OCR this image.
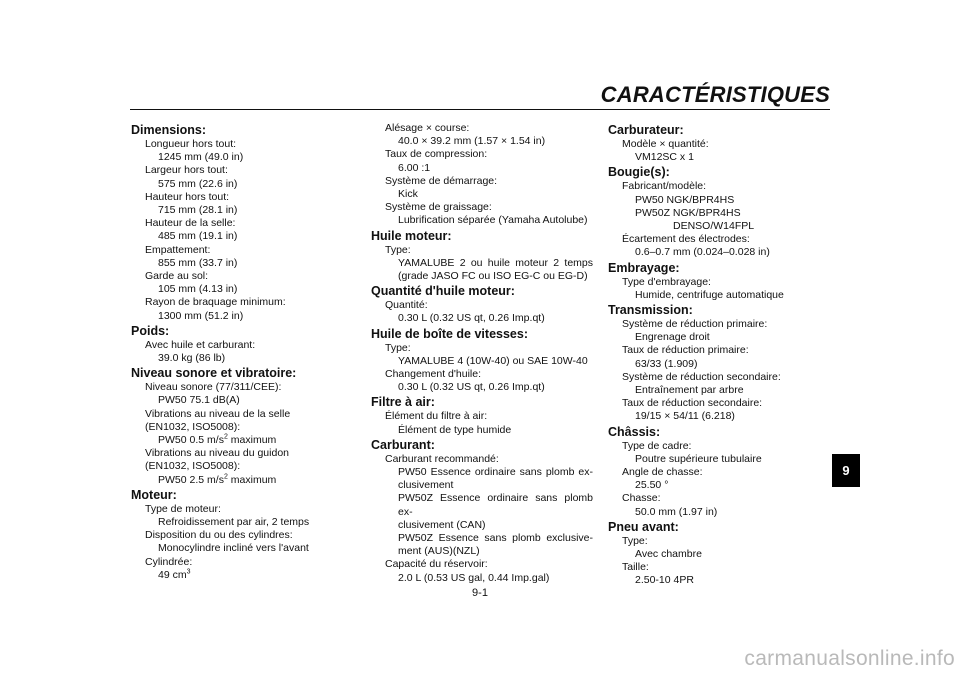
CARACTÉRISTIQUES
Dimensions:
Longueur hors tout:
1245 mm (49.0 in)
Largeur hors tout:
575 mm (22.6 in)
Hauteur hors tout:
715 mm (28.1 in)
Hauteur de la selle:
485 mm (19.1 in)
Empattement:
855 mm (33.7 in)
Garde au sol:
105 mm (4.13 in)
Rayon de braquage minimum:
1300 mm (51.2 in)
Poids:
Avec huile et carburant:
39.0 kg (86 lb)
Niveau sonore et vibratoire:
Niveau sonore (77/311/CEE):
PW50 75.1 dB(A)
Vibrations au niveau de la selle
(EN1032, ISO5008):
PW50 0.5 $m/s^2$ maximum
Vibrations au niveau du guidon
(EN1032, ISO5008):
PW50 2.5 $m/s^2$ maximum
Moteur:
Type de moteur:
Refroidissement par air, 2 temps
Disposition du ou des cylindres:
Monocylindre incliné vers l'avant
Cylindrée:
49 $cm^3$
Alésage × course:
40.0 × 39.2 mm (1.57 × 1.54 in)
Taux de compression:
6.00 :1
Système de démarrage:
Kick
Système de graissage:
Lubrification séparée (Yamaha Autolube)
Huile moteur:
Type:
YAMALUBE 2 ou huile moteur 2 temps
(grade JASO FC ou ISO EG-C ou EG-D)
Quantité d'huile moteur:
Quantité:
0.30 L (0.32 US qt, 0.26 Imp.qt)
Huile de boîte de vitesses:
Type:
YAMALUBE 4 (10W-40) ou SAE 10W-40
Changement d'huile:
0.30 L (0.32 US qt, 0.26 Imp.qt)
Filtre à air:
Élément du filtre à air:
Élément de type humide
Carburant:
Carburant recommandé:
PW50 Essence ordinaire sans plomb ex-
clusivement
PW50Z Essence ordinaire sans plomb ex-
clusivement (CAN)
PW50Z Essence sans plomb exclusive-
ment (AUS)(NZL)
Capacité du réservoir:
2.0 L (0.53 US gal, 0.44 Imp.gal)
Carburateur:
Modèle × quantité:
VM12SC x 1
Bougie(s):
Fabricant/modèle:
PW50 NGK/BPR4HS
PW50Z NGK/BPR4HS
DENSO/W14FPL
Écartement des électrodes:
0.6–0.7 mm (0.024–0.028 in)
Embrayage:
Type d'embrayage:
Humide, centrifuge automatique
Transmission:
Système de réduction primaire:
Engrenage droit
Taux de réduction primaire:
63/33 (1.909)
Système de réduction secondaire:
Entraînement par arbre
Taux de réduction secondaire:
19/15 × 54/11 (6.218)
Châssis:
Type de cadre:
Poutre supérieure tubulaire
Angle de chasse:
25.50 °
Chasse:
50.0 mm (1.97 in)
Pneu avant:
Type:
Avec chambre
Taille:
2.50-10 4PR
9
9-1
carmanualsonline.info
